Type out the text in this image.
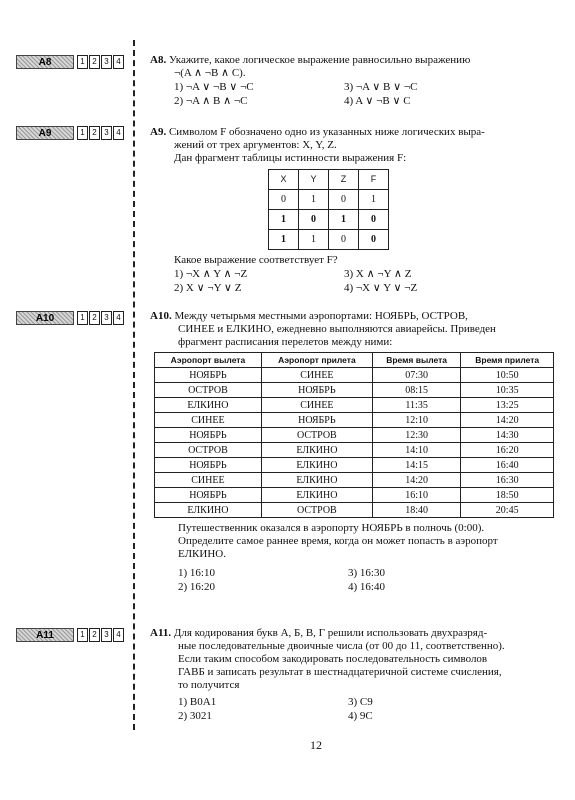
A8	1 2 3 4
A9	1 2 3 4
A10	1 2 3 4
A11	1 2 3 4
A8. Укажите, какое логическое выражение равносильно выражению
¬(A ∧ ¬B ∧ C).
1) ¬A ∨ ¬B ∨ ¬C	3) ¬A ∨ B ∨ ¬C
2) ¬A ∧ B ∧ ¬C	4) A ∨ ¬B ∨ C
A9. Символом F обозначено одно из указанных ниже логических выра-
жений от трех аргументов: X, Y, Z.
Дан фрагмент таблицы истинности выражения F:
X	Y	Z	F
0	1	0	1
1	0	1	0
1	1	0	0
Какое выражение соответствует F?
1) ¬X ∧ Y ∧ ¬Z	3) X ∧ ¬Y ∧ Z
2) X ∨ ¬Y ∨ Z	4) ¬X ∨ Y ∨ ¬Z
A10. Между четырьмя местными аэропортами: НОЯБРЬ, ОСТРОВ,
СИНЕЕ и ЕЛКИНО, ежедневно выполняются авиарейсы. Приведен
фрагмент расписания перелетов между ними:
Аэропорт вылета	Аэропорт прилета	Время вылета	Время прилета
НОЯБРЬ	СИНЕЕ	07:30	10:50
ОСТРОВ	НОЯБРЬ	08:15	10:35
ЕЛКИНО	СИНЕЕ	11:35	13:25
СИНЕЕ	НОЯБРЬ	12:10	14:20
НОЯБРЬ	ОСТРОВ	12:30	14:30
ОСТРОВ	ЕЛКИНО	14:10	16:20
НОЯБРЬ	ЕЛКИНО	14:15	16:40
СИНЕЕ	ЕЛКИНО	14:20	16:30
НОЯБРЬ	ЕЛКИНО	16:10	18:50
ЕЛКИНО	ОСТРОВ	18:40	20:45
Путешественник оказался в аэропорту НОЯБРЬ в полночь (0:00).
Определите самое раннее время, когда он может попасть в аэропорт
ЕЛКИНО.
1) 16:10	3) 16:30
2) 16:20	4) 16:40
A11. Для кодирования букв А, Б, В, Г решили использовать двухразряд-
ные последовательные двоичные числа (от 00 до 11, соответственно).
Если таким способом закодировать последовательность символов
ГАВБ и записать результат в шестнадцатеричной системе счисления,
то получится
1) B0A1	3) C9
2) 3021	4) 9C
12
